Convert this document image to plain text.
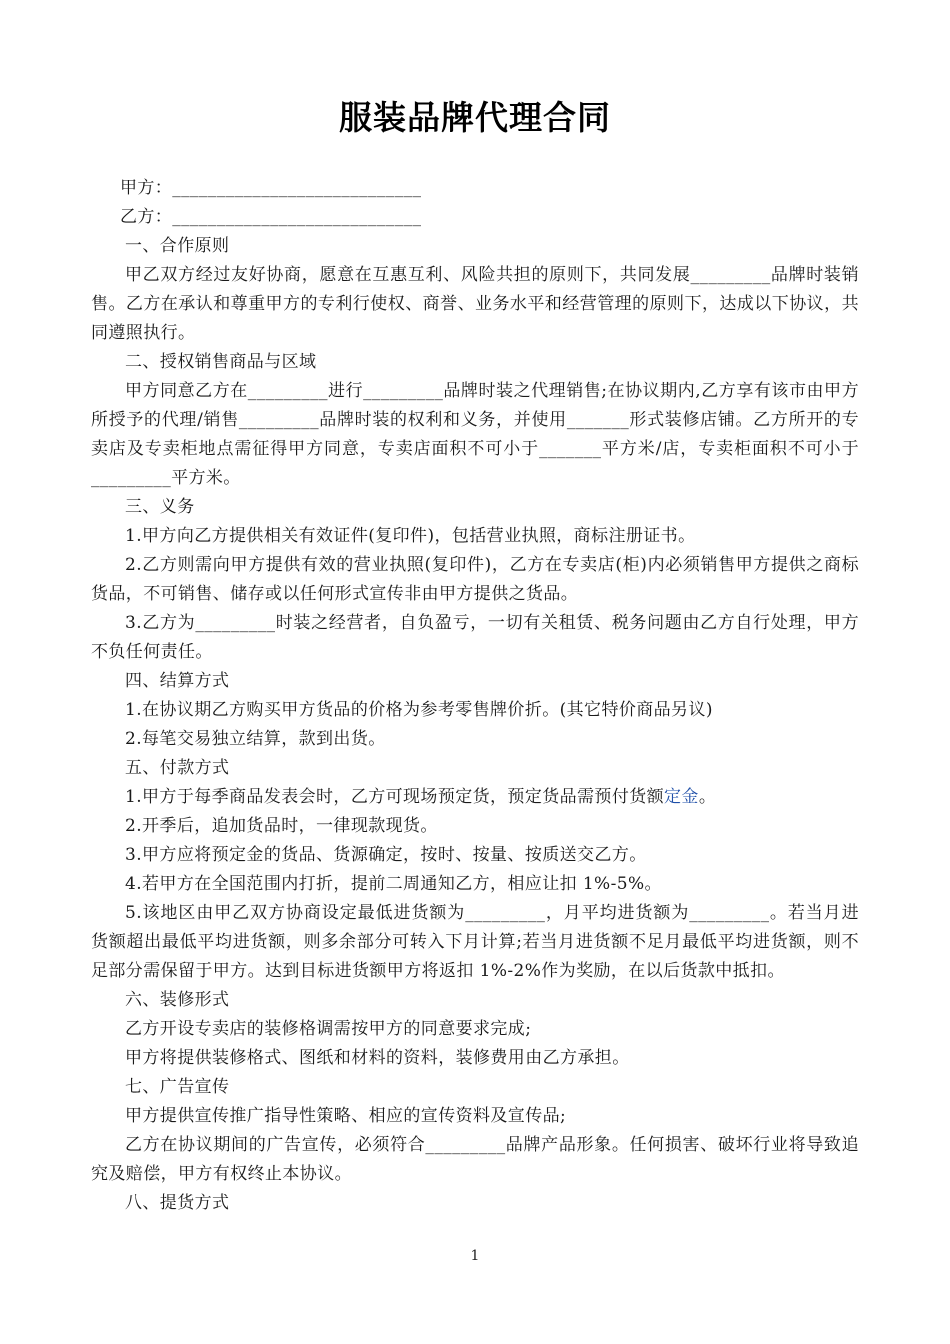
服装品牌代理合同
甲方：____________________________
乙方：____________________________
一、合作原则
甲乙双方经过友好协商，愿意在互惠互利、风险共担的原则下，共同发展_________品牌时装销售。乙方在承认和尊重甲方的专利行使权、商誉、业务水平和经营管理的原则下，达成以下协议，共同遵照执行。
二、授权销售商品与区域
甲方同意乙方在_________进行_________品牌时装之代理销售;在协议期内,乙方享有该市由甲方所授予的代理/销售_________品牌时装的权利和义务，并使用_______形式装修店铺。乙方所开的专卖店及专卖柜地点需征得甲方同意，专卖店面积不可小于_______平方米/店，专卖柜面积不可小于_________平方米。
三、义务
1.甲方向乙方提供相关有效证件(复印件)，包括营业执照，商标注册证书。
2.乙方则需向甲方提供有效的营业执照(复印件)，乙方在专卖店(柜)内必须销售甲方提供之商标货品，不可销售、储存或以任何形式宣传非由甲方提供之货品。
3.乙方为_________时装之经营者，自负盈亏，一切有关租赁、税务问题由乙方自行处理，甲方不负任何责任。
四、结算方式
1.在协议期乙方购买甲方货品的价格为参考零售牌价折。(其它特价商品另议)
2.每笔交易独立结算，款到出货。
五、付款方式
1.甲方于每季商品发表会时，乙方可现场预定货，预定货品需预付货额定金。
2.开季后，追加货品时，一律现款现货。
3.甲方应将预定金的货品、货源确定，按时、按量、按质送交乙方。
4.若甲方在全国范围内打折，提前二周通知乙方，相应让扣 1%-5%。
5.该地区由甲乙双方协商设定最低进货额为_________，月平均进货额为_________。若当月进货额超出最低平均进货额，则多余部分可转入下月计算;若当月进货额不足月最低平均进货额，则不足部分需保留于甲方。达到目标进货额甲方将返扣 1%-2%作为奖励，在以后货款中抵扣。
六、装修形式
乙方开设专卖店的装修格调需按甲方的同意要求完成;
甲方将提供装修格式、图纸和材料的资料，装修费用由乙方承担。
七、广告宣传
甲方提供宣传推广指导性策略、相应的宣传资料及宣传品;
乙方在协议期间的广告宣传，必须符合_________品牌产品形象。任何损害、破坏行业将导致追究及赔偿，甲方有权终止本协议。
八、提货方式
1
